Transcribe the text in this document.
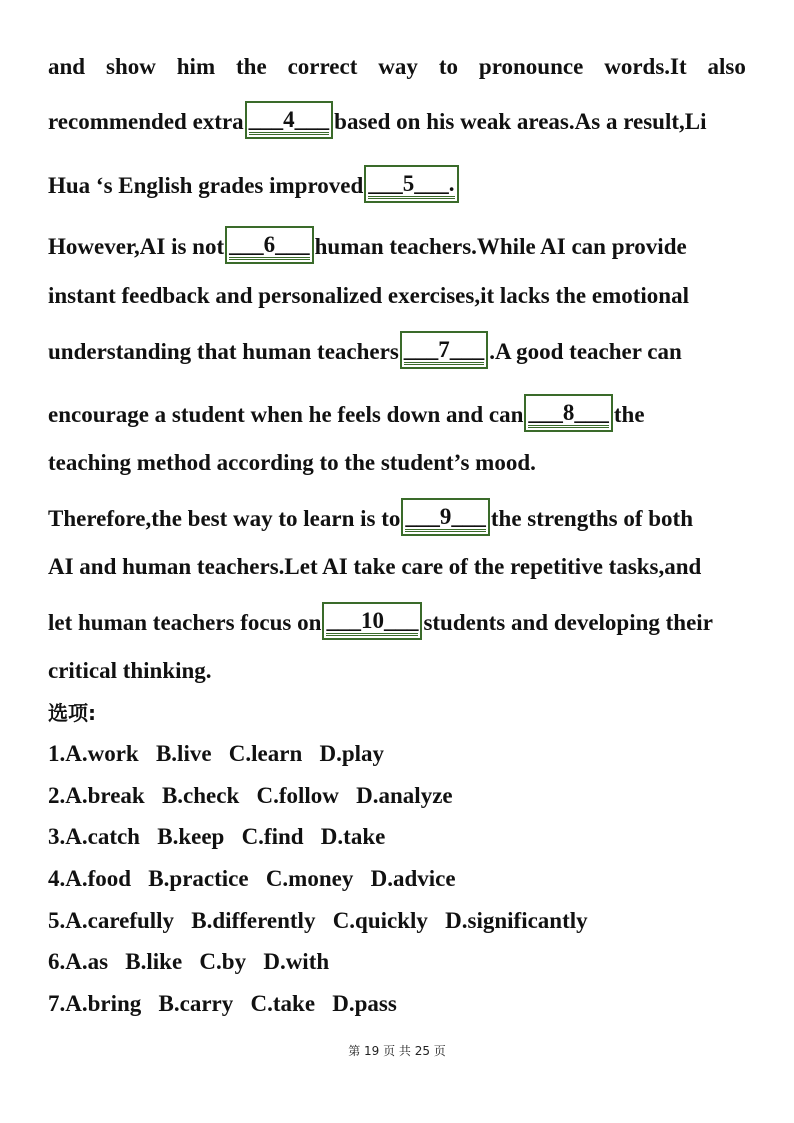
and show him the correct way to pronounce words.It also
recommended extra ___4___ based on his weak areas.As a result,Li
Hua ‘s English grades improved ___5___.
However,AI is not ___6___ human teachers.While AI can provide
instant feedback and personalized exercises,it lacks the emotional
understanding that human teachers ___7___ .A good teacher can
encourage a student when he feels down and can ___8___ the
teaching method according to the student’s mood.
Therefore,the best way to learn is to ___9___ the strengths of both
AI and human teachers.Let AI take care of the repetitive tasks,and
let human teachers focus on ___10___ students and developing their
critical thinking.
选项:
1.A.work   B.live   C.learn   D.play
2.A.break   B.check   C.follow   D.analyze
3.A.catch   B.keep   C.find   D.take
4.A.food   B.practice   C.money   D.advice
5.A.carefully   B.differently   C.quickly   D.significantly
6.A.as   B.like   C.by   D.with
7.A.bring   B.carry   C.take   D.pass
第 19 页 共 25 页
